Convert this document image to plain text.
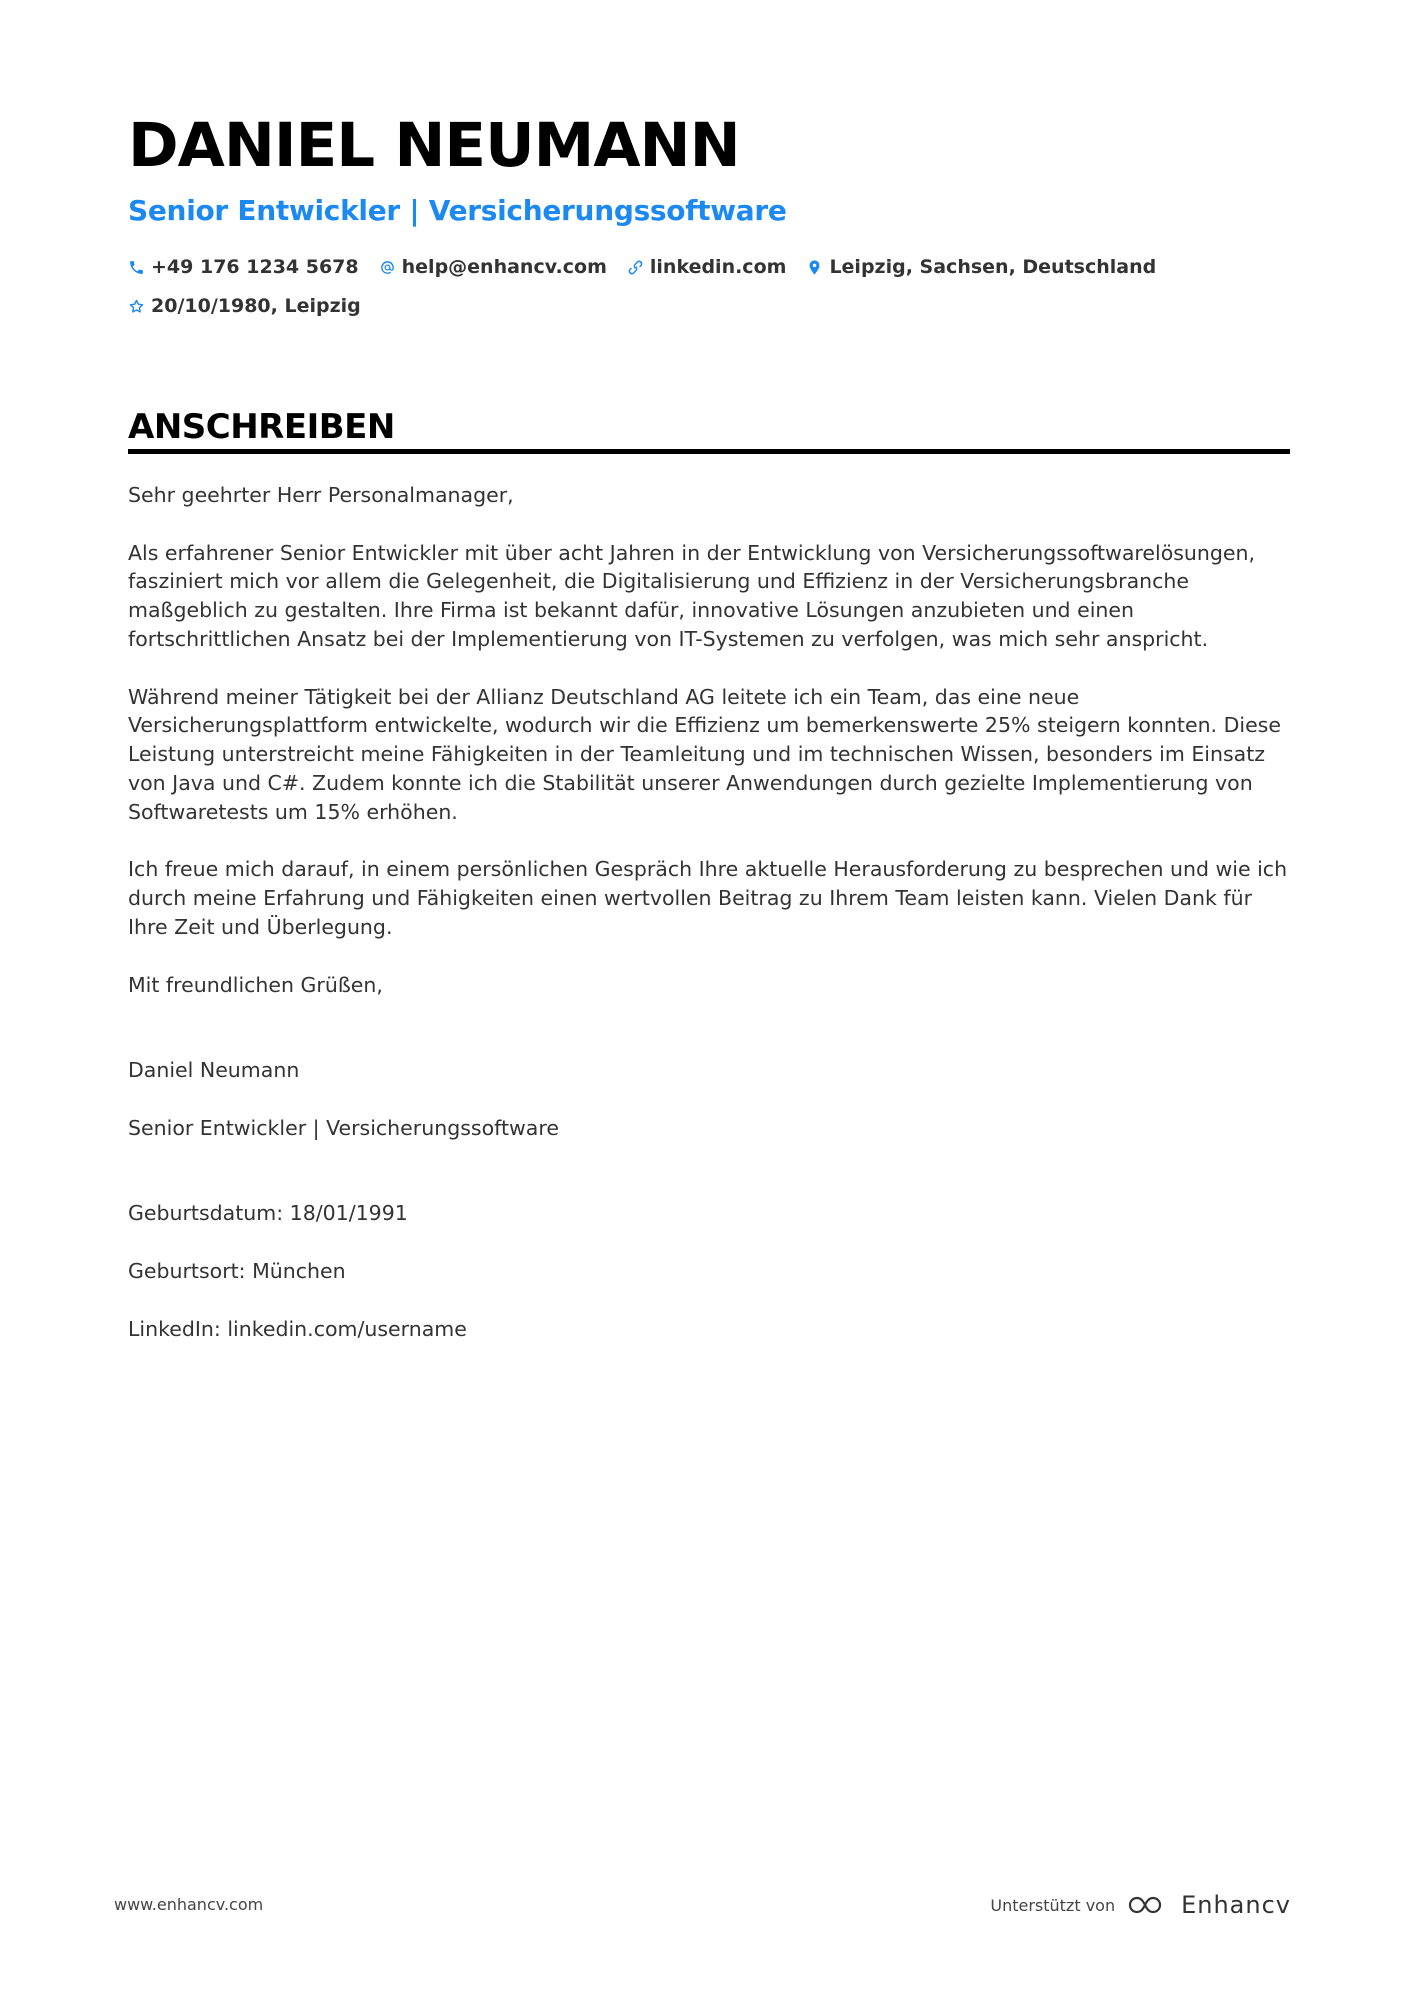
DANIEL NEUMANN
Senior Entwickler | Versicherungssoftware
+49 176 1234 5678 help@enhancv.com linkedin.com Leipzig, Sachsen, Deutschland
20/10/1980, Leipzig
ANSCHREIBEN

Sehr geehrter Herr Personalmanager,

Als erfahrener Senior Entwickler mit über acht Jahren in der Entwicklung von Versicherungssoftwarelösungen, fasziniert mich vor allem die Gelegenheit, die Digitalisierung und Effizienz in der Versicherungsbranche maßgeblich zu gestalten. Ihre Firma ist bekannt dafür, innovative Lösungen anzubieten und einen fortschrittlichen Ansatz bei der Implementierung von IT-Systemen zu verfolgen, was mich sehr anspricht.

Während meiner Tätigkeit bei der Allianz Deutschland AG leitete ich ein Team, das eine neue Versicherungsplattform entwickelte, wodurch wir die Effizienz um bemerkenswerte 25% steigern konnten. Diese Leistung unterstreicht meine Fähigkeiten in der Teamleitung und im technischen Wissen, besonders im Einsatz von Java und C#. Zudem konnte ich die Stabilität unserer Anwendungen durch gezielte Implementierung von Softwaretests um 15% erhöhen.

Ich freue mich darauf, in einem persönlichen Gespräch Ihre aktuelle Herausforderung zu besprechen und wie ich durch meine Erfahrung und Fähigkeiten einen wertvollen Beitrag zu Ihrem Team leisten kann. Vielen Dank für Ihre Zeit und Überlegung.

Mit freundlichen Grüßen,

Daniel Neumann

Senior Entwickler | Versicherungssoftware

Geburtsdatum: 18/01/1991

Geburtsort: München

LinkedIn: linkedin.com/username

www.enhancv.com	Unterstützt von	Enhancv
